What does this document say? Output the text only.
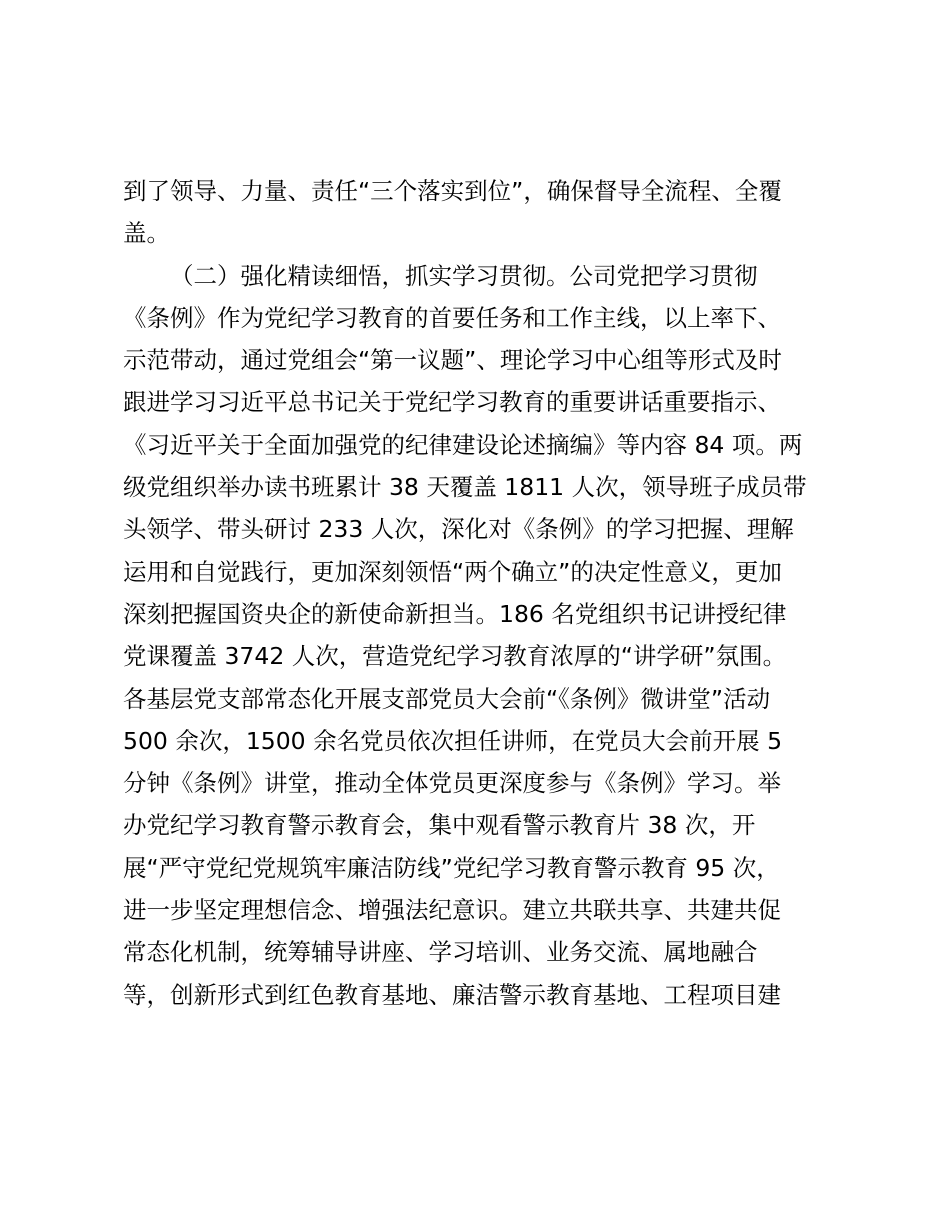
到了领导、力量、责任“三个落实到位”，确保督导全流程、全覆
盖。
（二）强化精读细悟，抓实学习贯彻。公司党把学习贯彻
《条例》作为党纪学习教育的首要任务和工作主线，以上率下、
示范带动，通过党组会“第一议题”、理论学习中心组等形式及时
跟进学习习近平总书记关于党纪学习教育的重要讲话重要指示、
《习近平关于全面加强党的纪律建设论述摘编》等内容 84 项。两
级党组织举办读书班累计 38 天覆盖 1811 人次，领导班子成员带
头领学、带头研讨 233 人次，深化对《条例》的学习把握、理解
运用和自觉践行，更加深刻领悟“两个确立”的决定性意义，更加
深刻把握国资央企的新使命新担当。186 名党组织书记讲授纪律
党课覆盖 3742 人次，营造党纪学习教育浓厚的“讲学研”氛围。
各基层党支部常态化开展支部党员大会前“《条例》微讲堂”活动
500 余次，1500 余名党员依次担任讲师，在党员大会前开展 5
分钟《条例》讲堂，推动全体党员更深度参与《条例》学习。举
办党纪学习教育警示教育会，集中观看警示教育片 38 次，开
展“严守党纪党规筑牢廉洁防线”党纪学习教育警示教育 95 次，
进一步坚定理想信念、增强法纪意识。建立共联共享、共建共促
常态化机制，统筹辅导讲座、学习培训、业务交流、属地融合
等，创新形式到红色教育基地、廉洁警示教育基地、工程项目建
